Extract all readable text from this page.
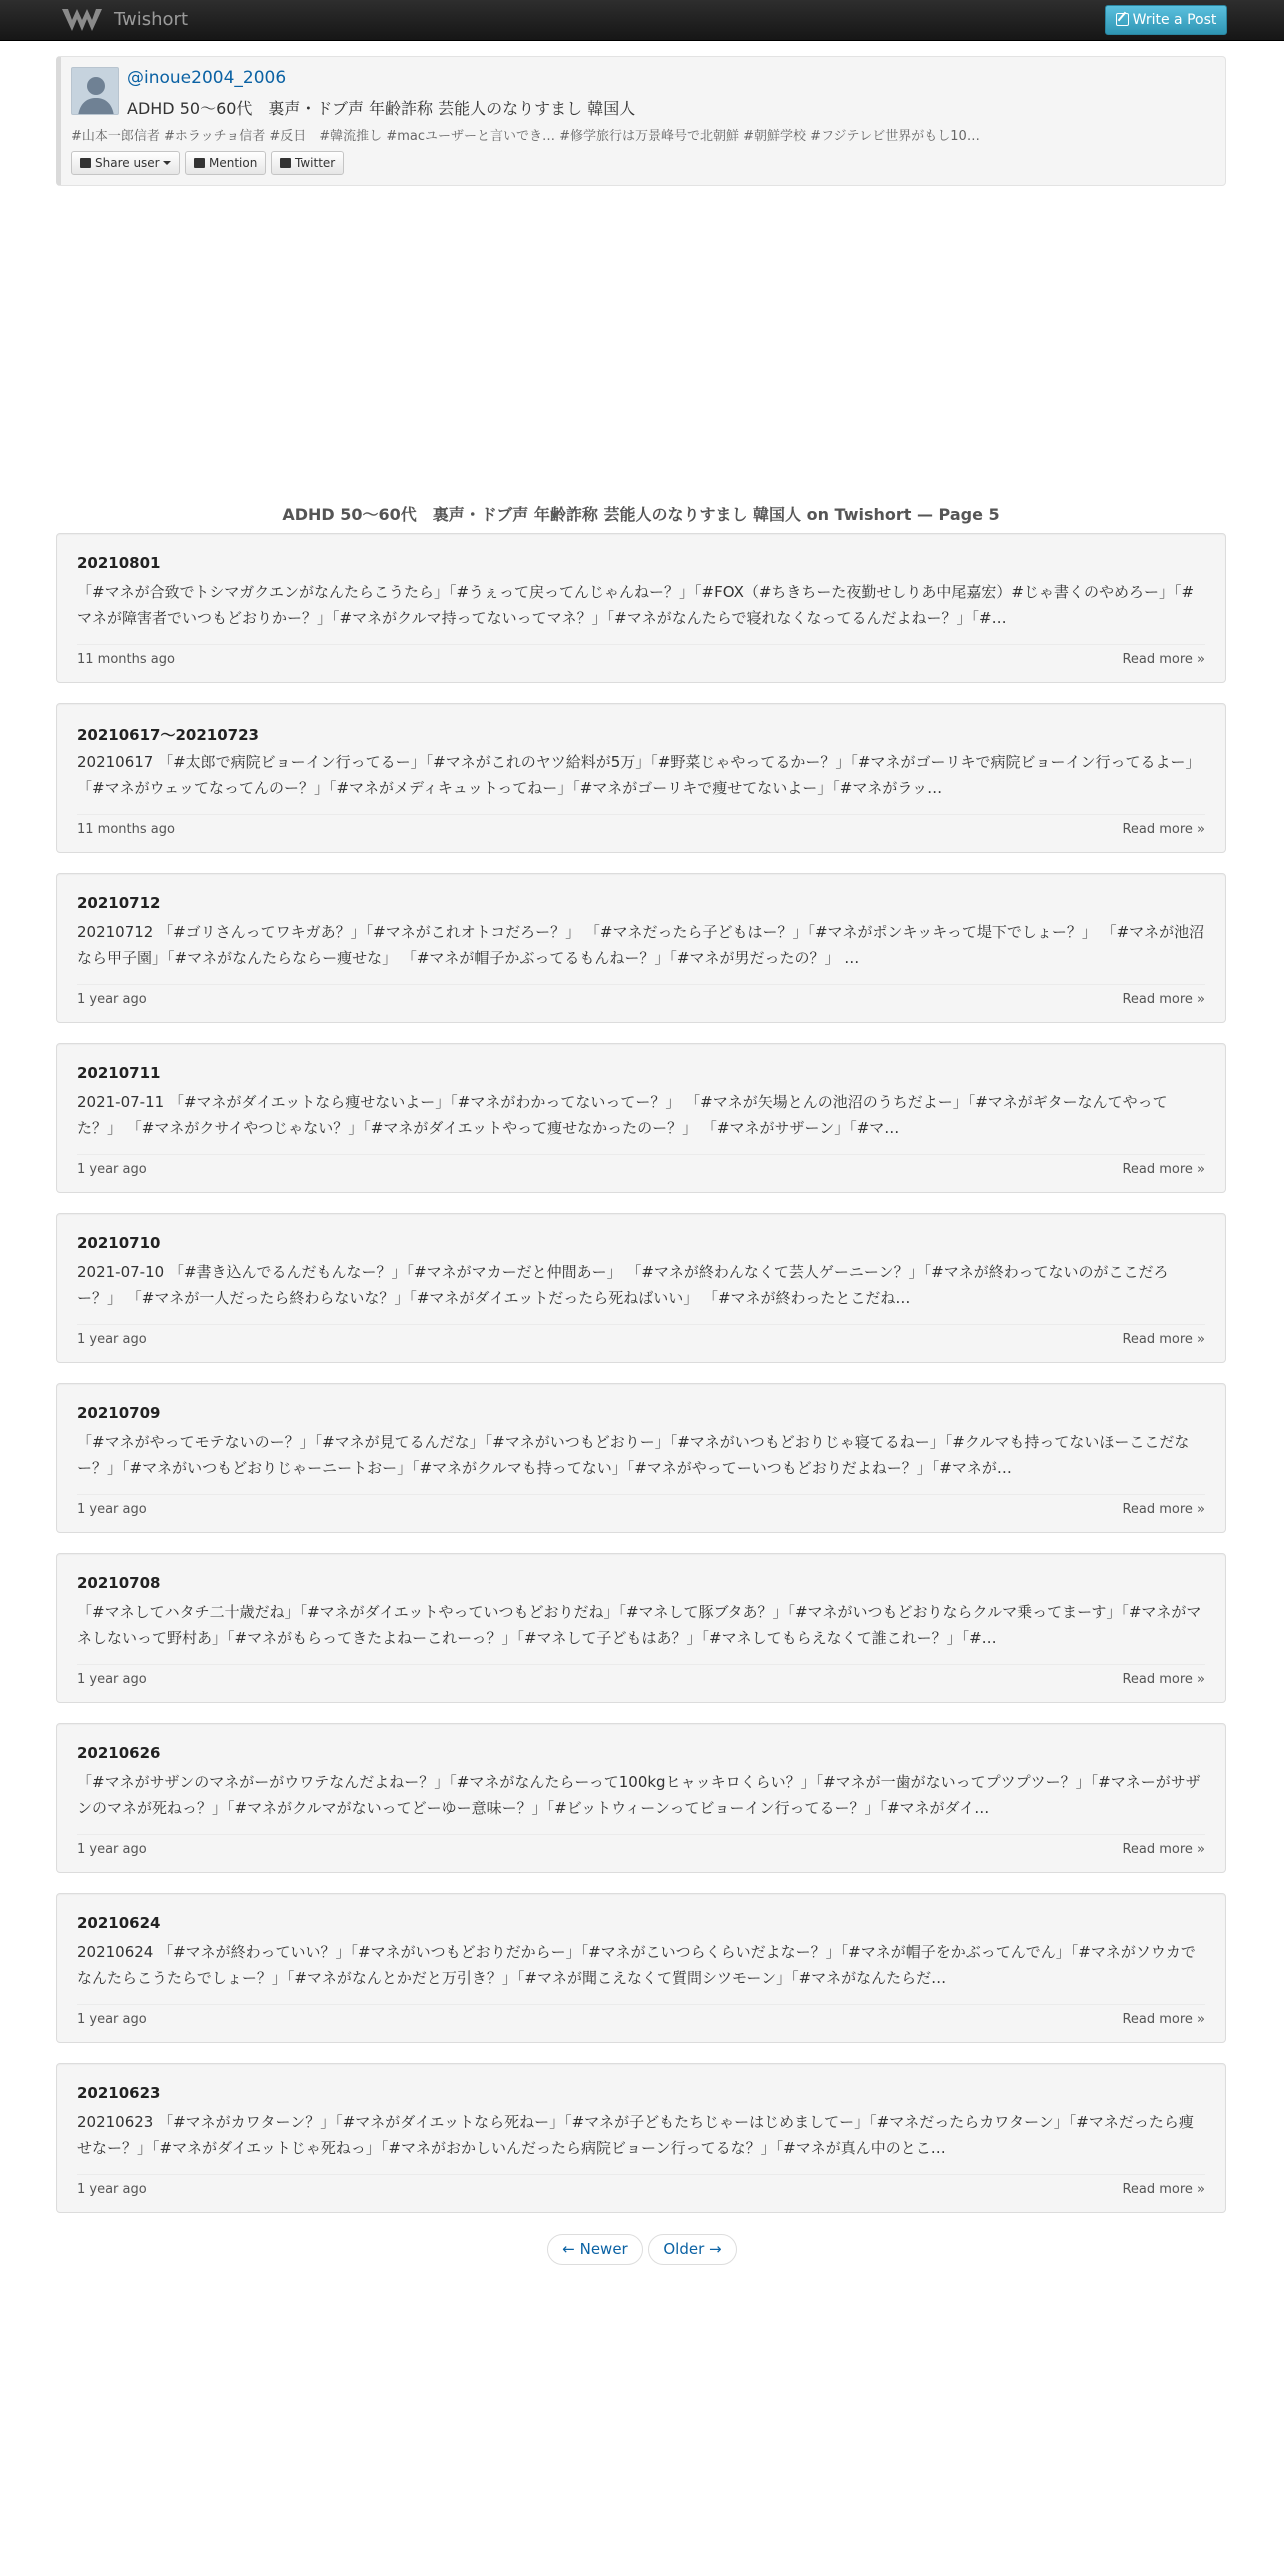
Twishort	Write a Post
@inoue2004_2006
ADHD 50～60代　裏声・ドブ声 年齢詐称 芸能人のなりすまし 韓国人
#山本一郎信者 #ホラッチョ信者 #反日　#韓流推し #macユーザーと言いでき… #修学旅行は万景峰号で北朝鮮 #朝鮮学校 #フジテレビ世界がもし10…
Share user	Mention	Twitter
ADHD 50～60代　裏声・ドブ声 年齢詐称 芸能人のなりすまし 韓国人 on Twishort — Page 5
20210801
「#マネが合致でトシマガクエンがなんたらこうたら」「#うぇって戻ってんじゃんねー？」「#FOX（#ちきちーた夜勤せしりあ中尾嘉宏）#じゃ書くのやめろー」「#マネが障害者でいつもどおりかー？」「#マネがクルマ持ってないってマネ？」「#マネがなんたらで寝れなくなってるんだよねー？」「#…
11 months ago	Read more »
20210617～20210723
20210617 「#太郎で病院ビョーイン行ってるー」「#マネがこれのヤツ給料が5万」「#野菜じゃやってるかー？」「#マネがゴーリキで病院ビョーイン行ってるよー」「#マネがウェッてなってんのー？」「#マネがメディキュットってねー」「#マネがゴーリキで痩せてないよー」「#マネがラッ…
11 months ago	Read more »
20210712
20210712 「#ゴリさんってワキガあ？」「#マネがこれオトコだろー？」 「#マネだったら子どもはー？」「#マネがポンキッキって堤下でしょー？」 「#マネが池沼なら甲子園」「#マネがなんたらならー痩せな」 「#マネが帽子かぶってるもんねー？」「#マネが男だったの？」 …
1 year ago	Read more »
20210711
2021-07-11 「#マネがダイエットなら痩せないよー」「#マネがわかってないってー？」 「#マネが矢場とんの池沼のうちだよー」「#マネがギターなんてやってた？」 「#マネがクサイやつじゃない？」「#マネがダイエットやって痩せなかったのー？」 「#マネがサザーン」「#マ…
1 year ago	Read more »
20210710
2021-07-10 「#書き込んでるんだもんなー？」「#マネがマカーだと仲間あー」 「#マネが終わんなくて芸人ゲーニーン？」「#マネが終わってないのがここだろー？」 「#マネが一人だったら終わらないな？」「#マネがダイエットだったら死ねばいい」 「#マネが終わったとこだね…
1 year ago	Read more »
20210709
「#マネがやってモテないのー？」「#マネが見てるんだな」「#マネがいつもどおりー」「#マネがいつもどおりじゃ寝てるねー」「#クルマも持ってないほーここだなー？」「#マネがいつもどおりじゃーニートおー」「#マネがクルマも持ってない」「#マネがやってーいつもどおりだよねー？」「#マネが…
1 year ago	Read more »
20210708
「#マネしてハタチ二十歳だね」「#マネがダイエットやっていつもどおりだね」「#マネして豚ブタあ？」「#マネがいつもどおりならクルマ乗ってまーす」「#マネがマネしないって野村あ」「#マネがもらってきたよねーこれーっ？」「#マネして子どもはあ？」「#マネしてもらえなくて誰これー？」「#…
1 year ago	Read more »
20210626
「#マネがサザンのマネがーがウワテなんだよねー？」「#マネがなんたらーって100kgヒャッキロくらい？」「#マネが一歯がないってプツプツー？」「#マネーがサザンのマネが死ねっ？」「#マネがクルマがないってどーゆー意味ー？」「#ビットウィーンってビョーイン行ってるー？」「#マネがダイ…
1 year ago	Read more »
20210624
20210624 「#マネが終わっていい？」「#マネがいつもどおりだからー」「#マネがこいつらくらいだよなー？」「#マネが帽子をかぶってんでん」「#マネがソウカでなんたらこうたらでしょー？」「#マネがなんとかだと万引き？」「#マネが聞こえなくて質問シツモーン」「#マネがなんたらだ…
1 year ago	Read more »
20210623
20210623 「#マネがカワターン？」「#マネがダイエットなら死ねー」「#マネが子どもたちじゃーはじめましてー」「#マネだったらカワターン」「#マネだったら痩せなー？」「#マネがダイエットじゃ死ねっ」「#マネがおかしいんだったら病院ビョーン行ってるな？」「#マネが真ん中のとこ…
1 year ago	Read more »
← Newer	Older →
